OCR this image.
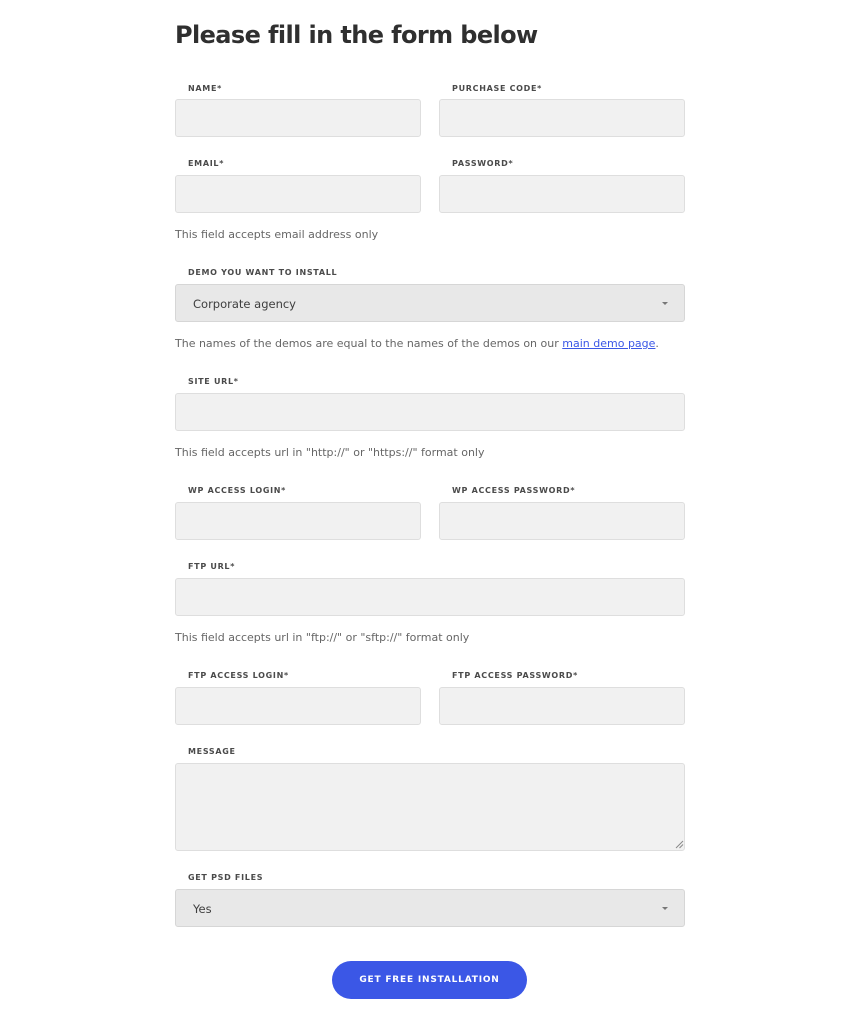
Please fill in the form below
NAME*	PURCHASE CODE*
EMAIL*	PASSWORD*
This field accepts email address only
DEMO YOU WANT TO INSTALL
Corporate agency
The names of the demos are equal to the names of the demos on our main demo page.
SITE URL*
This field accepts url in "http://" or "https://" format only
WP ACCESS LOGIN*	WP ACCESS PASSWORD*
FTP URL*
This field accepts url in "ftp://" or "sftp://" format only
FTP ACCESS LOGIN*	FTP ACCESS PASSWORD*
MESSAGE
GET PSD FILES
Yes
GET FREE INSTALLATION
